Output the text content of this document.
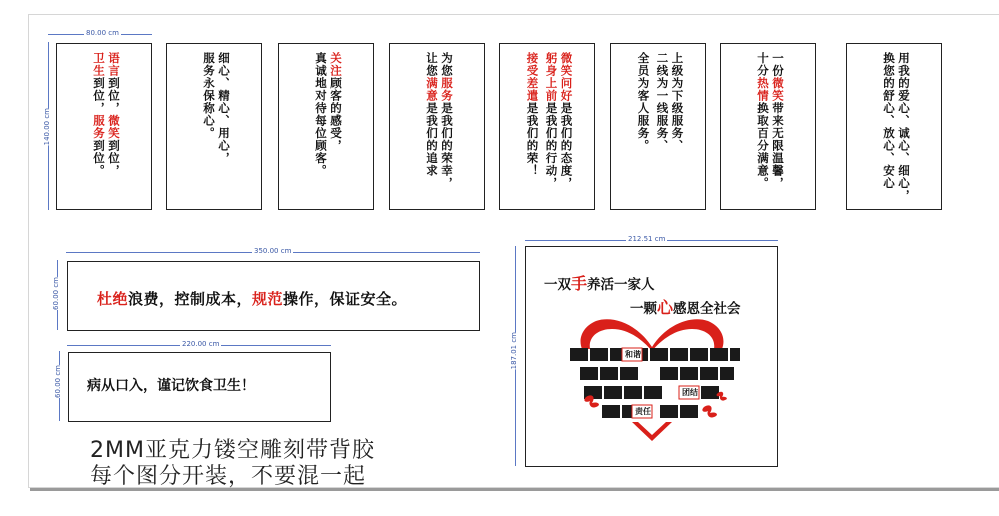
80.00 cm
140.00 cm
语言到位，微笑到位，
卫生到位，服务到位。	细心、精心、用心，
服务永保称心。	关注顾客的感受，
真诚地对待每位顾客。	为您服务是我们的荣幸，
让您满意是我们的追求
微笑问好是我们的态度，
躬身上前是我们的行动，
接受差遣是我们的荣！	上级为下级服务、
二线为一线服务、
全员为客人服务。	一份微笑带来无限温馨，
十分热情换取百分满意。	用我的爱心、诚心、细心，
换您的舒心、放心、安心
350.00 cm
60.00 cm 杜绝浪费，控制成本，规范操作，保证安全。
220.00 cm
60.00 cm 病从口入，谨记饮食卫生！
212.51 cm
187.01 cm
一双手养活一家人
一颗心感恩全社会
和谐
团结
责任
2MM亚克力镂空雕刻带背胶
每个图分开装，不要混一起
